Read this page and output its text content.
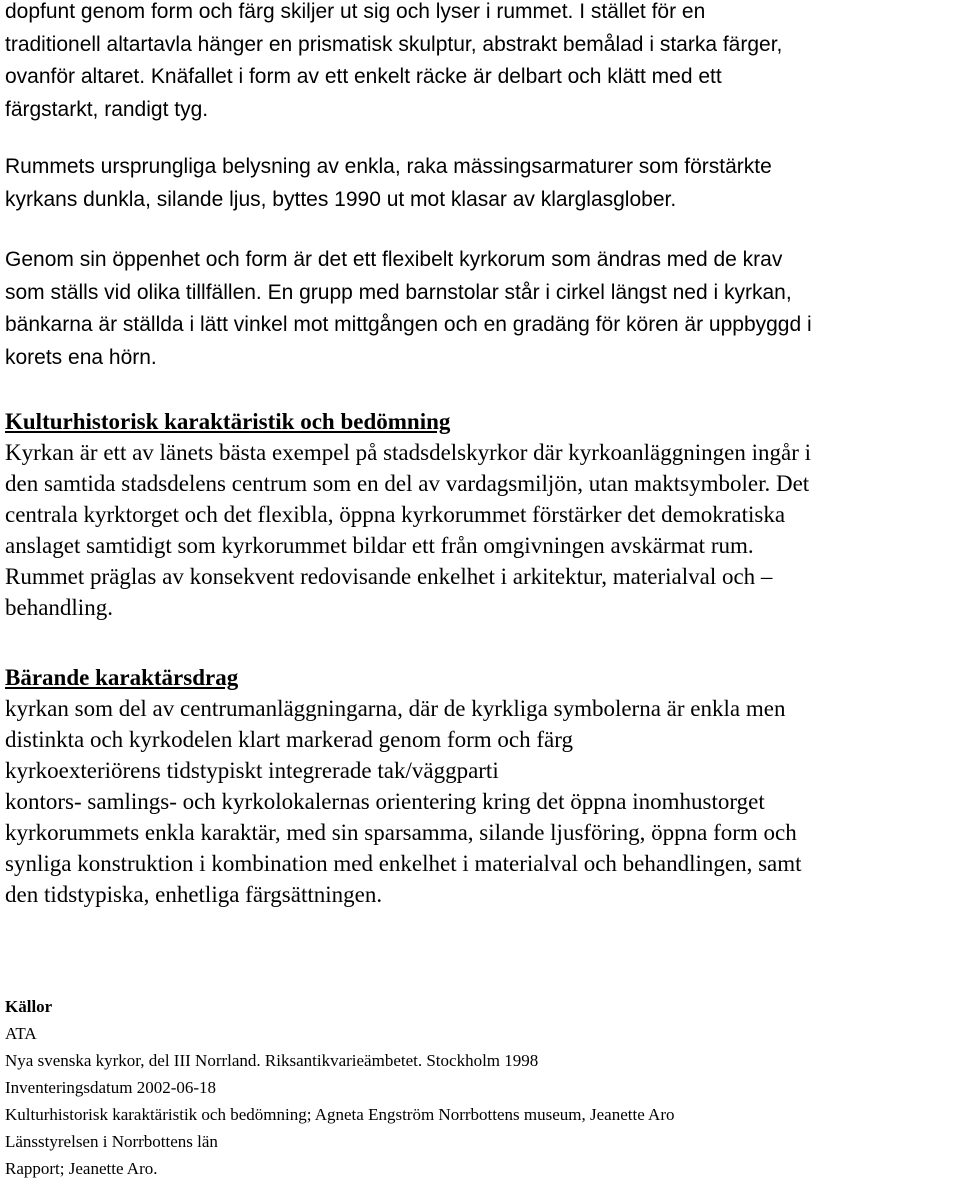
dopfunt genom form och färg skiljer ut sig och lyser i rummet. I stället för en
traditionell altartavla hänger en prismatisk skulptur, abstrakt bemålad i starka färger,
ovanför altaret. Knäfallet i form av ett enkelt räcke är delbart och klätt med ett
färgstarkt, randigt tyg.

Rummets ursprungliga belysning av enkla, raka mässingsarmaturer som förstärkte
kyrkans dunkla, silande ljus, byttes 1990 ut mot klasar av klarglasglober.

Genom sin öppenhet och form är det ett flexibelt kyrkorum som ändras med de krav
som ställs vid olika tillfällen. En grupp med barnstolar står i cirkel längst ned i kyrkan,
bänkarna är ställda i lätt vinkel mot mittgången och en gradäng för kören är uppbyggd i
korets ena hörn.

Kulturhistorisk karaktäristik och bedömning
Kyrkan är ett av länets bästa exempel på stadsdelskyrkor där kyrkoanläggningen ingår i
den samtida stadsdelens centrum som en del av vardagsmiljön, utan maktsymboler. Det
centrala kyrktorget och det flexibla, öppna kyrkorummet förstärker det demokratiska
anslaget samtidigt som kyrkorummet bildar ett från omgivningen avskärmat rum.
Rummet präglas av konsekvent redovisande enkelhet i arkitektur, materialval och –
behandling.
Bärande karaktärsdrag
kyrkan som del av centrumanläggningarna, där de kyrkliga symbolerna är enkla men
distinkta och kyrkodelen klart markerad genom form och färg
kyrkoexteriörens tidstypiskt integrerade tak/väggparti
kontors- samlings- och kyrkolokalernas orientering kring det öppna inomhustorget
kyrkorummets enkla karaktär, med sin sparsamma, silande ljusföring, öppna form och
synliga konstruktion i kombination med enkelhet i materialval och behandlingen, samt
den tidstypiska, enhetliga färgsättningen.
Källor
ATA
Nya svenska kyrkor, del III Norrland. Riksantikvarieämbetet. Stockholm 1998
Inventeringsdatum 2002-06-18
Kulturhistorisk karaktäristik och bedömning; Agneta Engström Norrbottens museum, Jeanette Aro
Länsstyrelsen i Norrbottens län
Rapport; Jeanette Aro.
